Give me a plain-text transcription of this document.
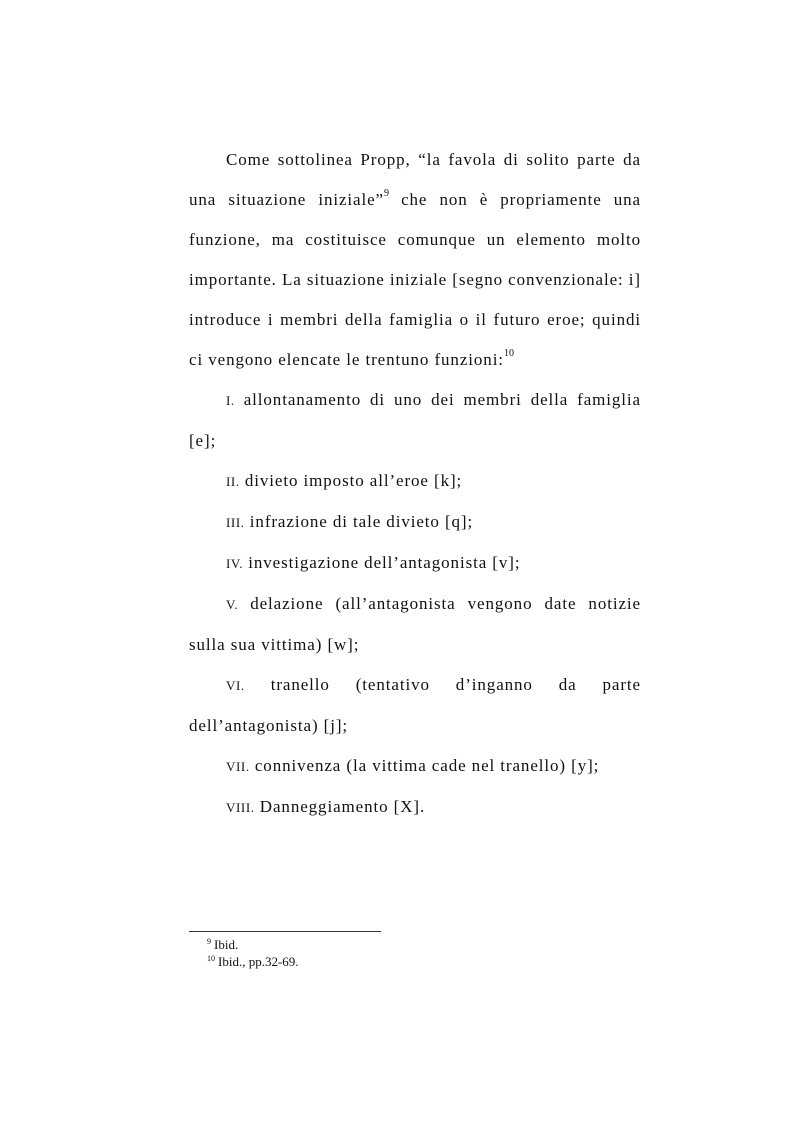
Come sottolinea Propp, “la favola di solito parte da una situazione iniziale”$^9$ che non è propriamente una funzione, ma costituisce comunque un elemento molto importante. La situazione iniziale [segno convenzionale: i] introduce i membri della famiglia o il futuro eroe; quindi ci vengono elencate le trentuno funzioni:$^{10}$

I. allontanamento di uno dei membri della famiglia [e];

II. divieto imposto all’eroe [k];

III. infrazione di tale divieto [q];

IV. investigazione dell’antagonista [v];

V. delazione (all’antagonista vengono date notizie sulla sua vittima) [w];

VI. tranello (tentativo d’inganno da parte dell’antagonista) [j];

VII. connivenza (la vittima cade nel tranello) [y];

VIII. Danneggiamento [X].

$^9$ Ibid.
$^{10}$ Ibid., pp.32-69.
